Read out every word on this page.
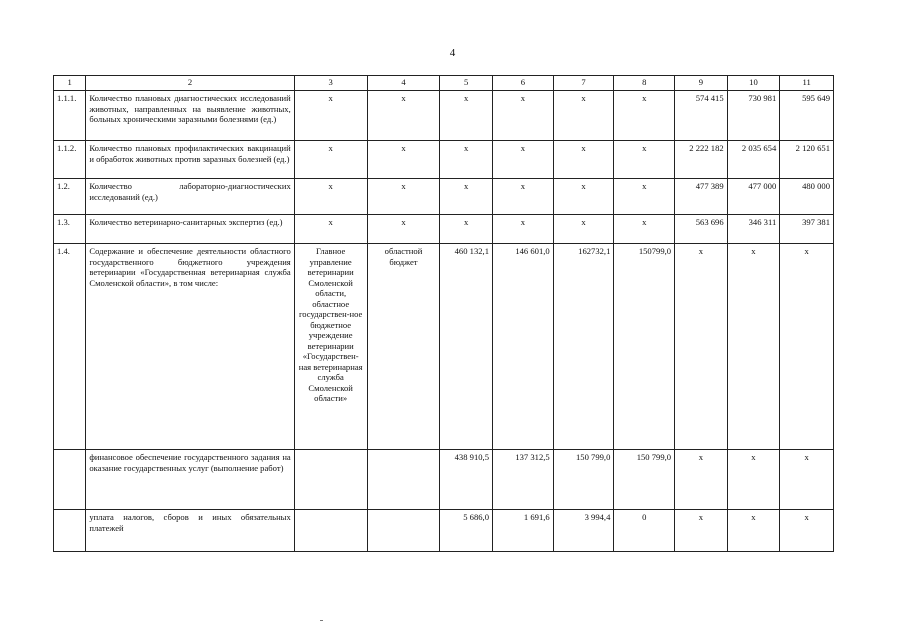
4
1	2	3	4	5	6	7	8	9	10	11
1.1.1.	Количество плановых диагностических исследований животных, направленных на выявление животных, больных хроническими заразными болезнями (ед.)	x	x	x	x	x	x	574 415	730 981	595 649
1.1.2.	Количество плановых профилактических вакцинаций и обработок животных против заразных болезней (ед.)	x	x	x	x	x	x	2 222 182	2 035 654	2 120 651
1.2.	Количество лабораторно-диагностических исследований (ед.)	x	x	x	x	x	x	477 389	477 000	480 000
1.3.	Количество ветеринарно-санитарных экспертиз (ед.)	x	x	x	x	x	x	563 696	346 311	397 381
1.4.	Содержание и обеспечение деятельности областного государственного бюджетного учреждения ветеринарии «Государственная ветеринарная служба Смоленской области», в том числе:	Главное управление ветеринарии Смоленской области, областное государствен-ное бюджетное учреждение ветеринарии «Государствен-ная ветеринарная служба Смоленской области»	областной бюджет	460 132,1	146 601,0	162732,1	150799,0	x	x	x
	финансовое обеспечение государственного задания на оказание государственных услуг (выполнение работ)			438 910,5	137 312,5	150 799,0	150 799,0	x	x	x
	уплата налогов, сборов и иных обязательных платежей			5 686,0	1 691,6	3 994,4	0	x	x	x
